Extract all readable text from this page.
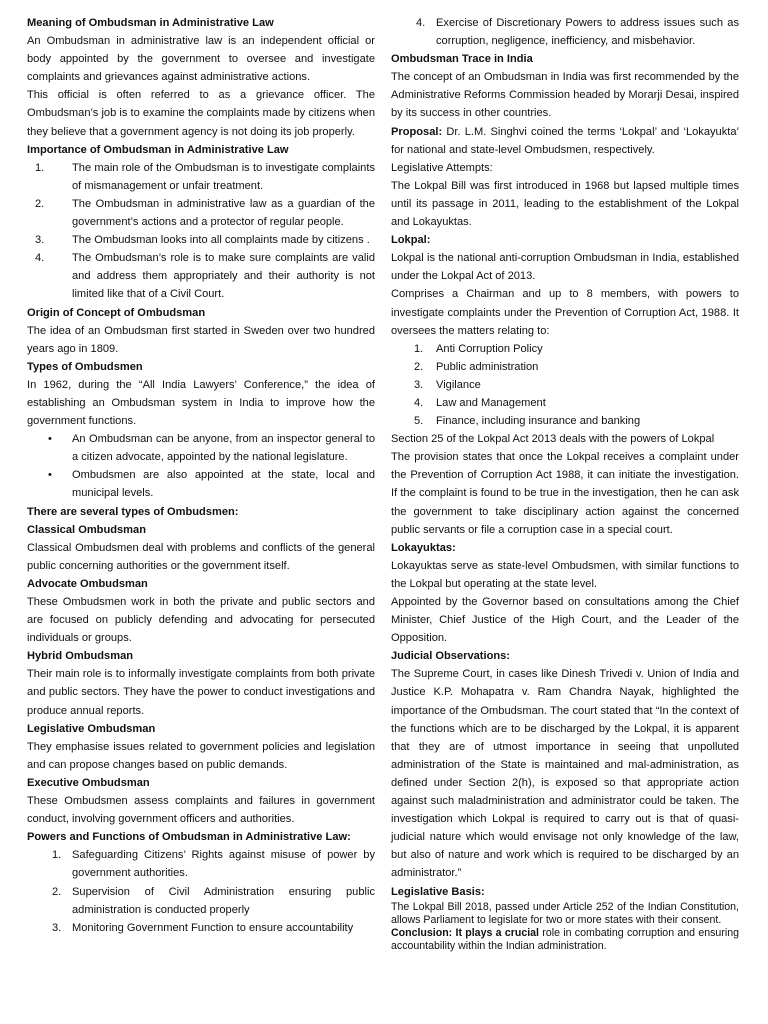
Meaning of Ombudsman in Administrative Law

An Ombudsman in administrative law is an independent official or body appointed by the government to oversee and investigate complaints and grievances against administrative actions.

This official is often referred to as a grievance officer. The Ombudsman’s job is to examine the complaints made by citizens when they believe that a government agency is not doing its job properly.

Importance of Ombudsman in Administrative Law
1. The main role of the Ombudsman is to investigate complaints of mismanagement or unfair treatment.
2. The Ombudsman in administrative law as a guardian of the government’s actions and a protector of regular people.
3. The Ombudsman looks into all complaints made by citizens .
4. The Ombudsman’s role is to make sure complaints are valid and address them appropriately and their authority is not limited like that of a Civil Court.
Origin of Concept of Ombudsman

The idea of an Ombudsman first started in Sweden over two hundred years ago in 1809.

Types of Ombudsmen

In 1962, during the “All India Lawyers’ Conference,” the idea of establishing an Ombudsman system in India to improve how the government functions.

• An Ombudsman can be anyone, from an inspector general to a citizen advocate, appointed by the national legislature.
• Ombudsmen are also appointed at the state, local and municipal levels.
There are several types of Ombudsmen:
Classical Ombudsman

Classical Ombudsmen deal with problems and conflicts of the general public concerning authorities or the government itself.

Advocate Ombudsman

These Ombudsmen work in both the private and public sectors and are focused on publicly defending and advocating for persecuted individuals or groups.

Hybrid Ombudsman

Their main role is to informally investigate complaints from both private and public sectors. They have the power to conduct investigations and produce annual reports.

Legislative Ombudsman

They emphasise issues related to government policies and legislation and can propose changes based on public demands.

Executive Ombudsman

These Ombudsmen assess complaints and failures in government conduct, involving government officers and authorities.

Powers and Functions of Ombudsman in Administrative Law:
1. Safeguarding Citizens’ Rights against misuse of power by government authorities.
2. Supervision of Civil Administration ensuring public administration is conducted properly
3. Monitoring Government Function to ensure accountability
4. Exercise of Discretionary Powers to address issues such as corruption, negligence, inefficiency, and misbehavior.
Ombudsman Trace in India

The concept of an Ombudsman in India was first recommended by the Administrative Reforms Commission headed by Morarji Desai, inspired by its success in other countries.

Proposal: Dr. L.M. Singhvi coined the terms ‘Lokpal’ and ‘Lokayukta’ for national and state-level Ombudsmen, respectively.

Legislative Attempts:

The Lokpal Bill was first introduced in 1968 but lapsed multiple times until its passage in 2011, leading to the establishment of the Lokpal and Lokayuktas.

Lokpal:

Lokpal is the national anti-corruption Ombudsman in India, established under the Lokpal Act of 2013.

Comprises a Chairman and up to 8 members, with powers to investigate complaints under the Prevention of Corruption Act, 1988. It oversees the matters relating to:

1. Anti Corruption Policy
2. Public administration
3. Vigilance
4. Law and Management
5. Finance, including insurance and banking

Section 25 of the Lokpal Act 2013 deals with the powers of Lokpal

The provision states that once the Lokpal receives a complaint under the Prevention of Corruption Act 1988, it can initiate the investigation. If the complaint is found to be true in the investigation, then he can ask the government to take disciplinary action against the concerned public servants or file a corruption case in a special court.

Lokayuktas:

Lokayuktas serve as state-level Ombudsmen, with similar functions to the Lokpal but operating at the state level.

Appointed by the Governor based on consultations among the Chief Minister, Chief Justice of the High Court, and the Leader of the Opposition.

Judicial Observations:

The Supreme Court, in cases like Dinesh Trivedi v. Union of India and Justice K.P. Mohapatra v. Ram Chandra Nayak, highlighted the importance of the Ombudsman. The court stated that “In the context of the functions which are to be discharged by the Lokpal, it is apparent that they are of utmost importance in seeing that unpolluted administration of the State is maintained and mal-administration, as defined under Section 2(h), is exposed so that appropriate action against such maladministration and administrator could be taken. The investigation which Lokpal is required to carry out is that of quasi-judicial nature which would envisage not only knowledge of the law, but also of nature and work which is required to be discharged by an administrator.”

Legislative Basis:

The Lokpal Bill 2018, passed under Article 252 of the Indian Constitution, allows Parliament to legislate for two or more states with their consent.

Conclusion: It plays a crucial role in combating corruption and ensuring accountability within the Indian administration.
